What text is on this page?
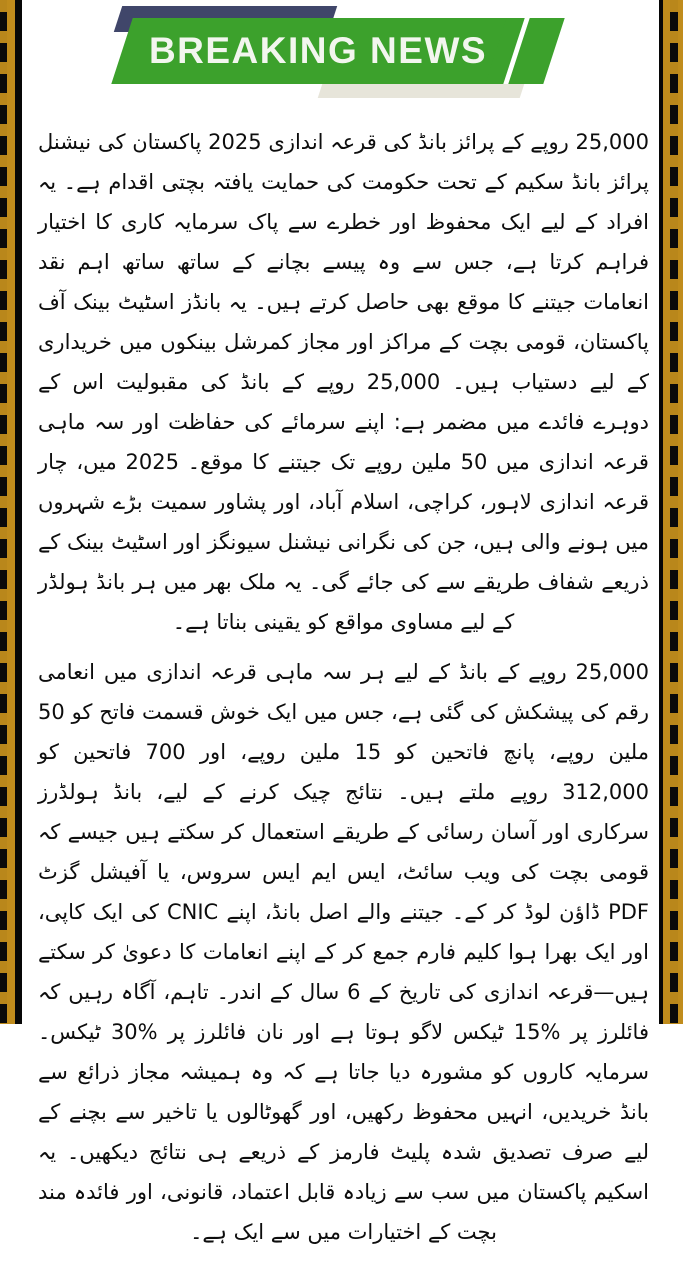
BREAKING NEWS

25,000 روپے کے پرائز بانڈ کی قرعہ اندازی 2025 پاکستان کی نیشنل پرائز بانڈ سکیم کے تحت حکومت کی حمایت یافتہ بچتی اقدام ہے۔ یہ افراد کے لیے ایک محفوظ اور خطرے سے پاک سرمایہ کاری کا اختیار فراہم کرتا ہے، جس سے وہ پیسے بچانے کے ساتھ ساتھ اہم نقد انعامات جیتنے کا موقع بھی حاصل کرتے ہیں۔ یہ بانڈز اسٹیٹ بینک آف پاکستان، قومی بچت کے مراکز اور مجاز کمرشل بینکوں میں خریداری کے لیے دستیاب ہیں۔ 25,000 روپے کے بانڈ کی مقبولیت اس کے دوہرے فائدے میں مضمر ہے: اپنے سرمائے کی حفاظت اور سہ ماہی قرعہ اندازی میں 50 ملین روپے تک جیتنے کا موقع۔ 2025 میں، چار قرعہ اندازی لاہور، کراچی، اسلام آباد، اور پشاور سمیت بڑے شہروں میں ہونے والی ہیں، جن کی نگرانی نیشنل سیونگز اور اسٹیٹ بینک کے ذریعے شفاف طریقے سے کی جائے گی۔ یہ ملک بھر میں ہر بانڈ ہولڈر کے لیے مساوی مواقع کو یقینی بناتا ہے۔

25,000 روپے کے بانڈ کے لیے ہر سہ ماہی قرعہ اندازی میں انعامی رقم کی پیشکش کی گئی ہے، جس میں ایک خوش قسمت فاتح کو 50 ملین روپے، پانچ فاتحین کو 15 ملین روپے، اور 700 فاتحین کو 312,000 روپے ملتے ہیں۔ نتائج چیک کرنے کے لیے، بانڈ ہولڈرز سرکاری اور آسان رسائی کے طریقے استعمال کر سکتے ہیں جیسے کہ قومی بچت کی ویب سائٹ، ایس ایم ایس سروس، یا آفیشل گزٹ PDF ڈاؤن لوڈ کر کے۔ جیتنے والے اصل بانڈ، اپنے CNIC کی ایک کاپی، اور ایک بھرا ہوا کلیم فارم جمع کر کے اپنے انعامات کا دعویٰ کر سکتے ہیں—قرعہ اندازی کی تاریخ کے 6 سال کے اندر۔ تاہم، آگاہ رہیں کہ فائلرز پر %15 ٹیکس لاگو ہوتا ہے اور نان فائلرز پر %30 ٹیکس۔ سرمایہ کاروں کو مشورہ دیا جاتا ہے کہ وہ ہمیشہ مجاز ذرائع سے بانڈ خریدیں، انہیں محفوظ رکھیں، اور گھوٹالوں یا تاخیر سے بچنے کے لیے صرف تصدیق شدہ پلیٹ فارمز کے ذریعے ہی نتائج دیکھیں۔ یہ اسکیم پاکستان میں سب سے زیادہ قابل اعتماد، قانونی، اور فائدہ مند بچت کے اختیارات میں سے ایک ہے۔
